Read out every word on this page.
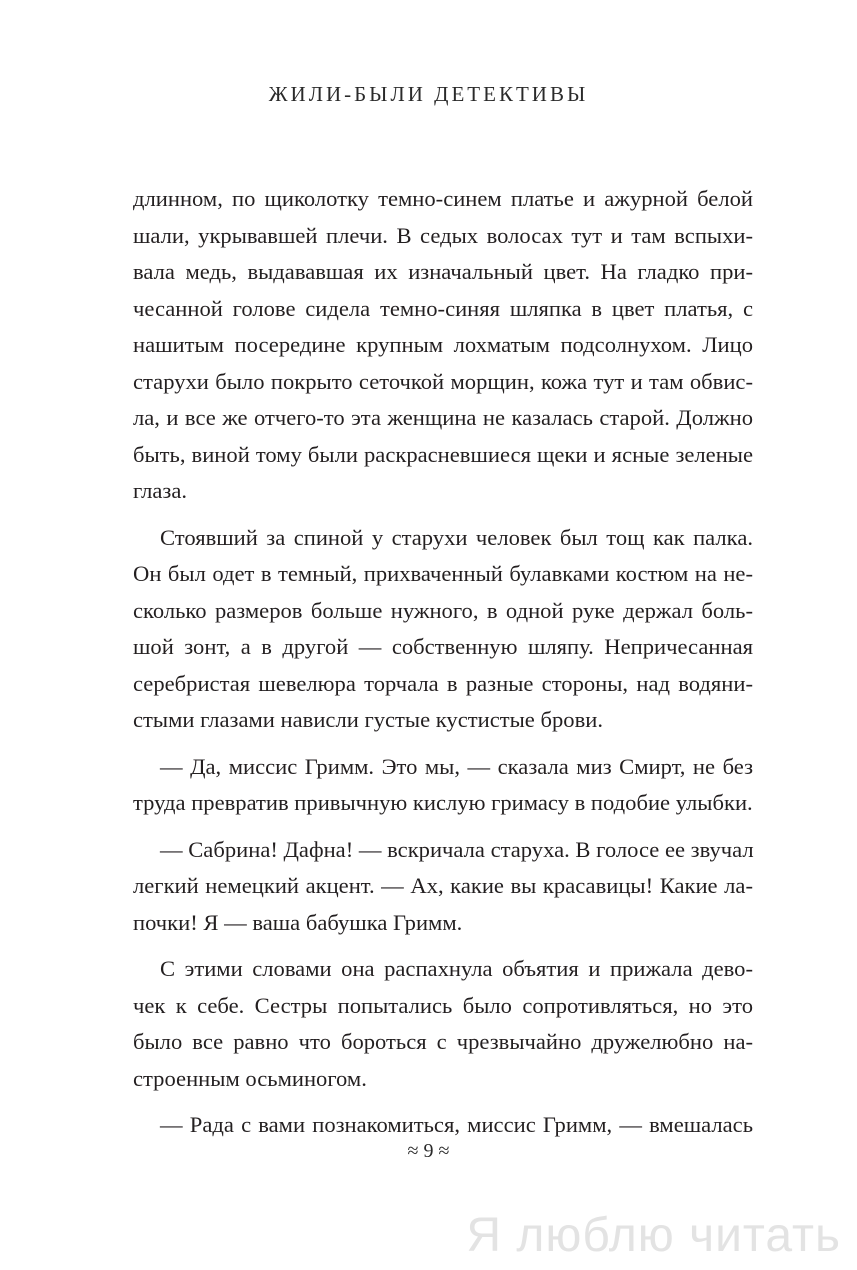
ЖИЛИ-БЫЛИ ДЕТЕКТИВЫ
длинном, по щиколотку темно-синем платье и ажурной белой
шали, укрывавшей плечи. В седых волосах тут и там вспыхи-
вала медь, выдававшая их изначальный цвет. На гладко при-
чесанной голове сидела темно-синяя шляпка в цвет платья, с
нашитым посередине крупным лохматым подсолнухом. Лицо
старухи было покрыто сеточкой морщин, кожа тут и там обвис-
ла, и все же отчего-то эта женщина не казалась старой. Должно
быть, виной тому были раскрасневшиеся щеки и ясные зеленые
глаза.
Стоявший за спиной у старухи человек был тощ как палка.
Он был одет в темный, прихваченный булавками костюм на не-
сколько размеров больше нужного, в одной руке держал боль-
шой зонт, а в другой — собственную шляпу. Непричесанная
серебристая шевелюра торчала в разные стороны, над водяни-
стыми глазами нависли густые кустистые брови.
— Да, миссис Гримм. Это мы, — сказала миз Смирт, не без
труда превратив привычную кислую гримасу в подобие улыбки.
— Сабрина! Дафна! — вскричала старуха. В голосе ее звучал
легкий немецкий акцент. — Ах, какие вы красавицы! Какие ла-
почки! Я — ваша бабушка Гримм.
С этими словами она распахнула объятия и прижала дево-
чек к себе. Сестры попытались было сопротивляться, но это
было все равно что бороться с чрезвычайно дружелюбно на-
строенным осьминогом.
— Рада с вами познакомиться, миссис Гримм, — вмешалась
≈ 9 ≈
Я люблю читать
